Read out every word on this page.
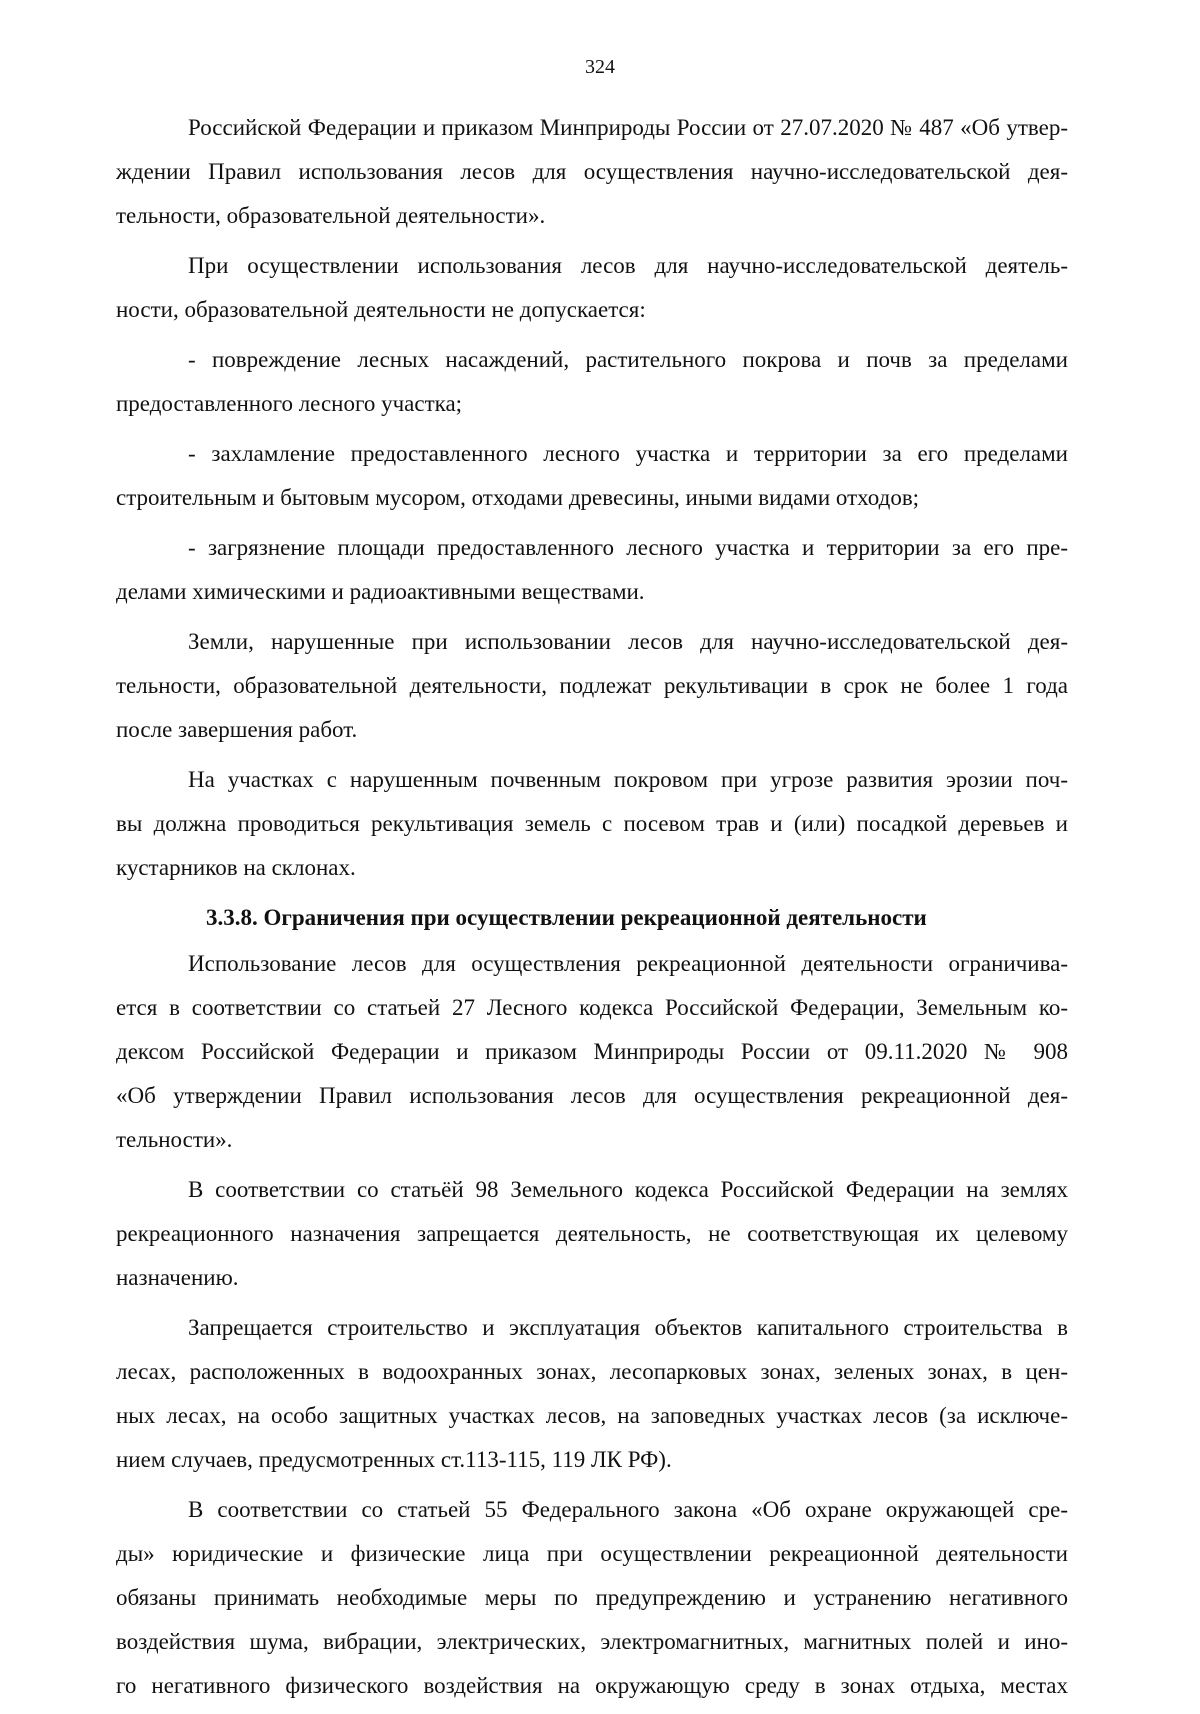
324
Российской Федерации и приказом Минприроды России от 27.07.2020 № 487 «Об утвер-
ждении Правил использования лесов для осуществления научно-исследовательской дея-
тельности, образовательной деятельности».
При осуществлении использования лесов для научно-исследовательской деятель-
ности, образовательной деятельности не допускается:
- повреждение лесных насаждений, растительного покрова и почв за пределами
предоставленного лесного участка;
- захламление предоставленного лесного участка и территории за его пределами
строительным и бытовым мусором, отходами древесины, иными видами отходов;
- загрязнение площади предоставленного лесного участка и территории за его пре-
делами химическими и радиоактивными веществами.
Земли, нарушенные при использовании лесов для научно-исследовательской дея-
тельности, образовательной деятельности, подлежат рекультивации в срок не более 1 года
после завершения работ.
На участках с нарушенным почвенным покровом при угрозе развития эрозии поч-
вы должна проводиться рекультивация земель с посевом трав и (или) посадкой деревьев и
кустарников на склонах.
3.3.8. Ограничения при осуществлении рекреационной деятельности
Использование лесов для осуществления рекреационной деятельности ограничива-
ется в соответствии со статьей 27 Лесного кодекса Российской Федерации, Земельным ко-
дексом Российской Федерации и приказом Минприроды России от 09.11.2020 № 908
«Об утверждении Правил использования лесов для осуществления рекреационной дея-
тельности».
В соответствии со статьёй 98 Земельного кодекса Российской Федерации на землях
рекреационного назначения запрещается деятельность, не соответствующая их целевому
назначению.
Запрещается строительство и эксплуатация объектов капитального строительства в
лесах, расположенных в водоохранных зонах, лесопарковых зонах, зеленых зонах, в цен-
ных лесах, на особо защитных участках лесов, на заповедных участках лесов (за исключе-
нием случаев, предусмотренных ст.113-115, 119 ЛК РФ).
В соответствии со статьей 55 Федерального закона «Об охране окружающей сре-
ды» юридические и физические лица при осуществлении рекреационной деятельности
обязаны принимать необходимые меры по предупреждению и устранению негативного
воздействия шума, вибрации, электрических, электромагнитных, магнитных полей и ино-
го негативного физического воздействия на окружающую среду в зонах отдыха, местах
